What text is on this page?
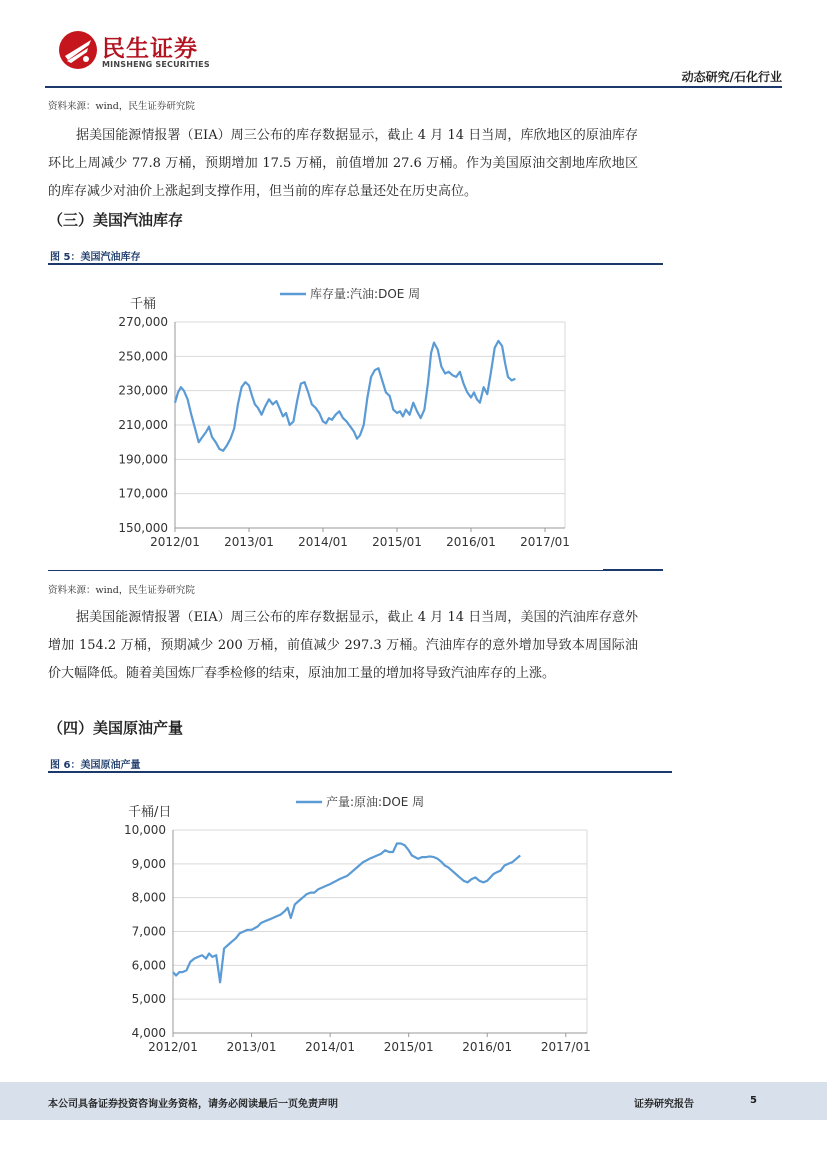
民生证券
MINSHENG SECURITIES
动态研究/石化行业
资料来源：wind，民生证券研究院
据美国能源情报署（EIA）周三公布的库存数据显示，截止 4 月 14 日当周，库欣地区的原油库存环比上周减少 77.8 万桶，预期增加 17.5 万桶，前值增加 27.6 万桶。作为美国原油交割地库欣地区的库存减少对油价上涨起到支撑作用，但当前的库存总量还处在历史高位。
（三）美国汽油库存
图 5：美国汽油库存
150,000
170,000
190,000
210,000
230,000
250,000
270,000
2012/01 2013/01 2014/01 2015/01 2016/01 2017/01
千桶
库存量:汽油:DOE 周
资料来源：wind，民生证券研究院
据美国能源情报署（EIA）周三公布的库存数据显示，截止 4 月 14 日当周，美国的汽油库存意外增加 154.2 万桶，预期减少 200 万桶，前值减少 297.3 万桶。汽油库存的意外增加导致本周国际油价大幅降低。随着美国炼厂春季检修的结束，原油加工量的增加将导致汽油库存的上涨。
（四）美国原油产量
图 6：美国原油产量
4,000
5,000
6,000
7,000
8,000
9,000
10,000
2012/01 2013/01 2014/01 2015/01 2016/01 2017/01
千桶/日
产量:原油:DOE 周
本公司具备证券投资咨询业务资格，请务必阅读最后一页免责声明	证券研究报告	5
